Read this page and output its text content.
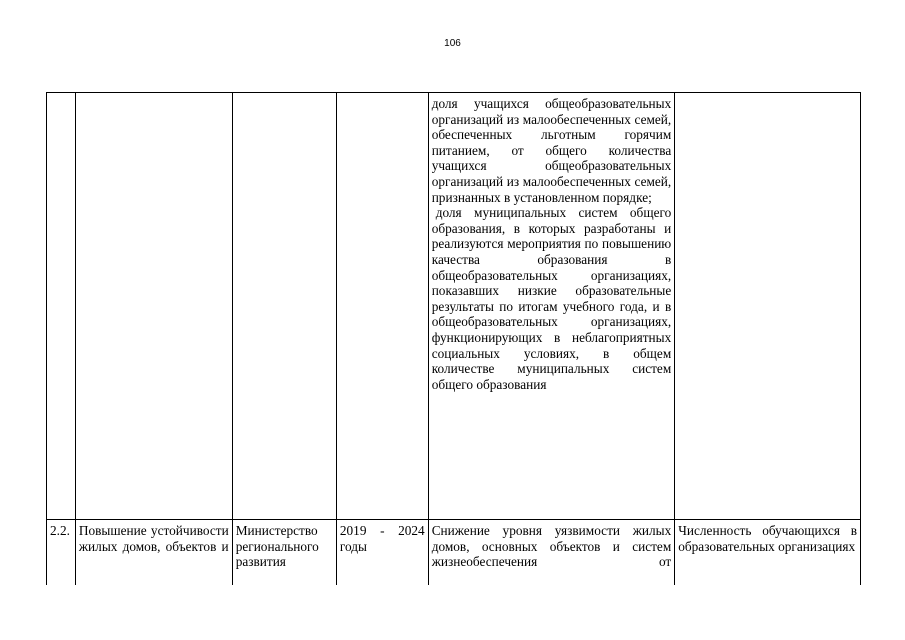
106

				доля учащихся общеобразовательных организаций из малообеспеченных семей, обеспеченных льготным горячим питанием, от общего количества учащихся общеобразовательных организаций из малообеспеченных семей, признанных в установленном порядке;
доля муниципальных систем общего образования, в которых разработаны и реализуются мероприятия по повышению качества образования в общеобразовательных организациях, показавших низкие образовательные результаты по итогам учебного года, и в общеобразовательных организациях, функционирующих в неблагоприятных социальных условиях, в общем количестве муниципальных систем общего образования	

2.2.	Повышение устойчивости жилых домов, объектов и	Министерство регионального развития	2019 - 2024 годы	Снижение уровня уязвимости жилых домов, основных объектов и систем жизнеобеспечения от	Численность обучающихся в образовательных организациях
